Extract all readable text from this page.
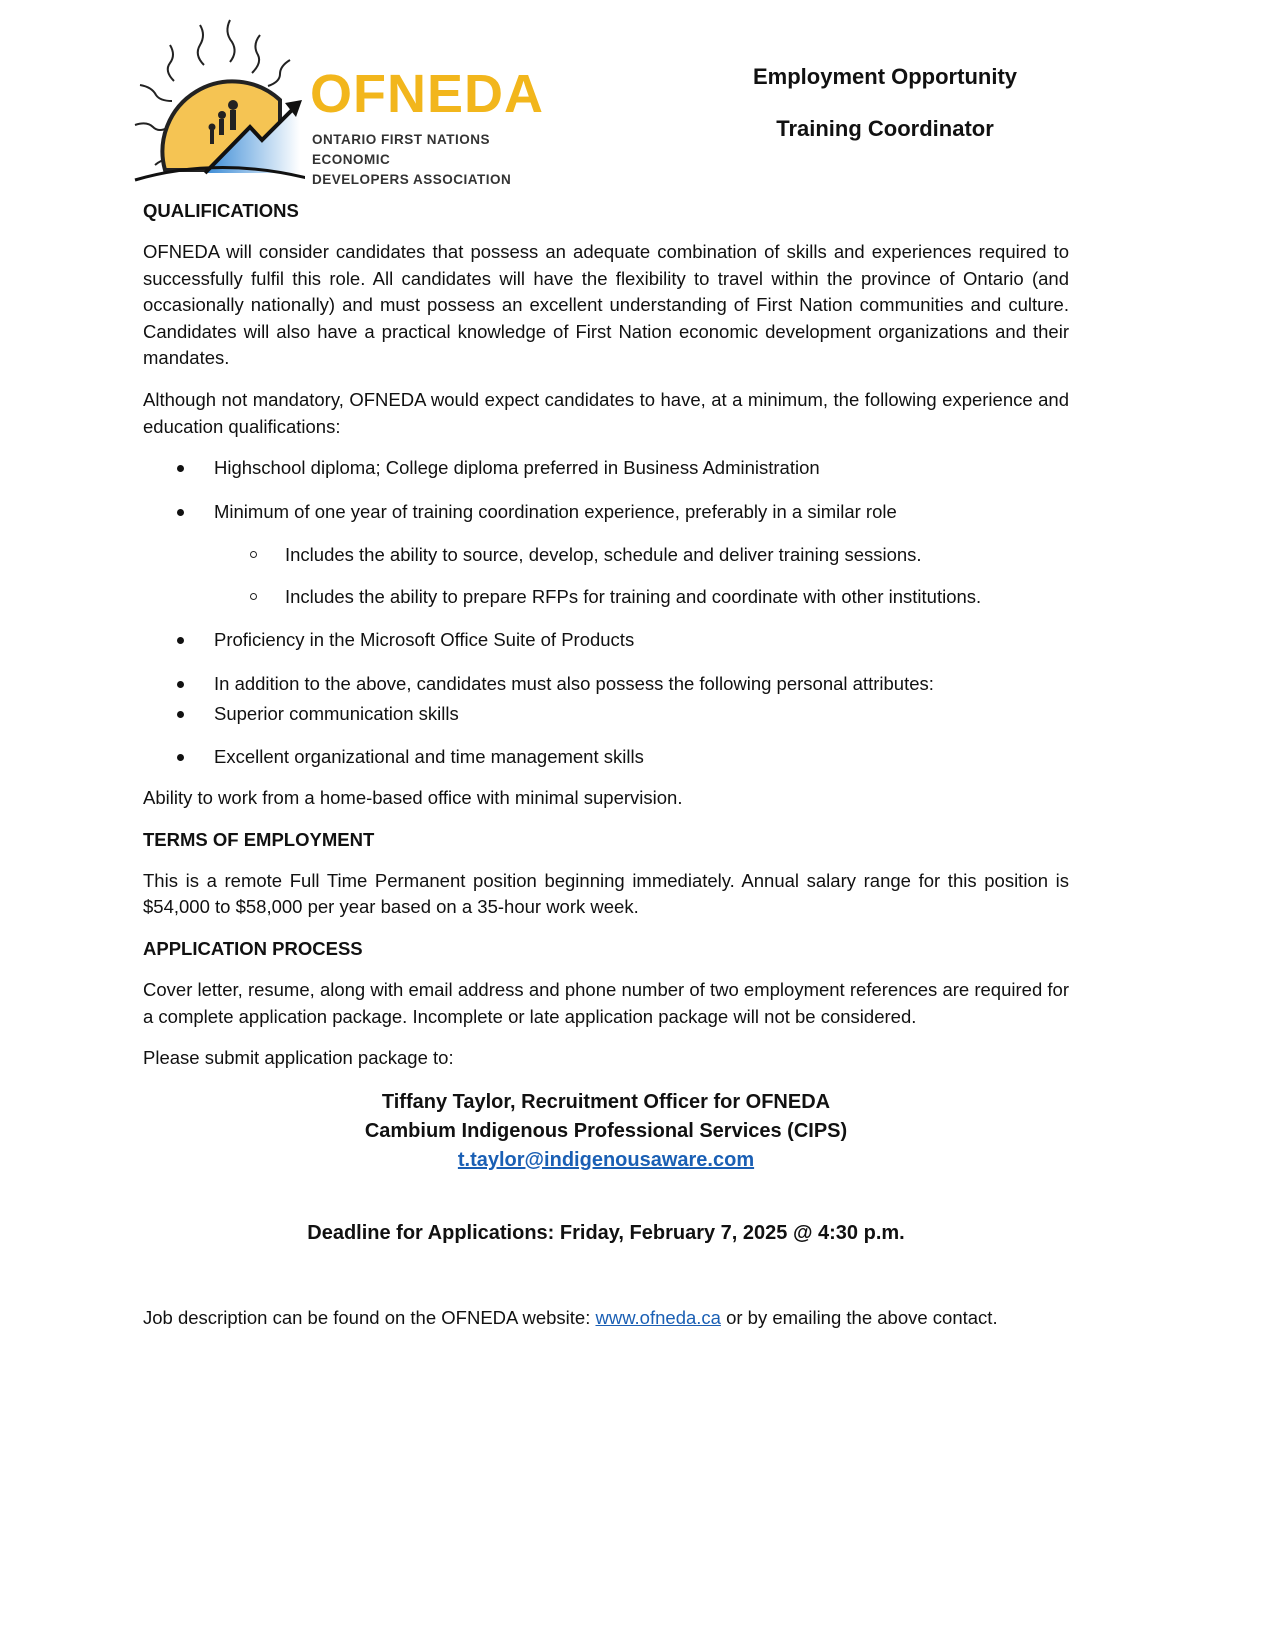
OFNEDA
ONTARIO FIRST NATIONS ECONOMIC
DEVELOPERS ASSOCIATION
Employment Opportunity
Training Coordinator
QUALIFICATIONS

OFNEDA will consider candidates that possess an adequate combination of skills and experiences required to successfully fulfil this role. All candidates will have the flexibility to travel within the province of Ontario (and occasionally nationally) and must possess an excellent understanding of First Nation communities and culture. Candidates will also have a practical knowledge of First Nation economic development organizations and their mandates.

Although not mandatory, OFNEDA would expect candidates to have, at a minimum, the following experience and education qualifications:

Highschool diploma; College diploma preferred in Business Administration
Minimum of one year of training coordination experience, preferably in a similar role
Includes the ability to source, develop, schedule and deliver training sessions.
Includes the ability to prepare RFPs for training and coordinate with other institutions.
Proficiency in the Microsoft Office Suite of Products
In addition to the above, candidates must also possess the following personal attributes:
Superior communication skills
Excellent organizational and time management skills

Ability to work from a home-based office with minimal supervision.

TERMS OF EMPLOYMENT

This is a remote Full Time Permanent position beginning immediately. Annual salary range for this position is $54,000 to $58,000 per year based on a 35-hour work week.

APPLICATION PROCESS

Cover letter, resume, along with email address and phone number of two employment references are required for a complete application package. Incomplete or late application package will not be considered.

Please submit application package to:

Tiffany Taylor, Recruitment Officer for OFNEDA
Cambium Indigenous Professional Services (CIPS)
t.taylor@indigenousaware.com
Deadline for Applications: Friday, February 7, 2025 @ 4:30 p.m.

Job description can be found on the OFNEDA website: www.ofneda.ca or by emailing the above contact.
